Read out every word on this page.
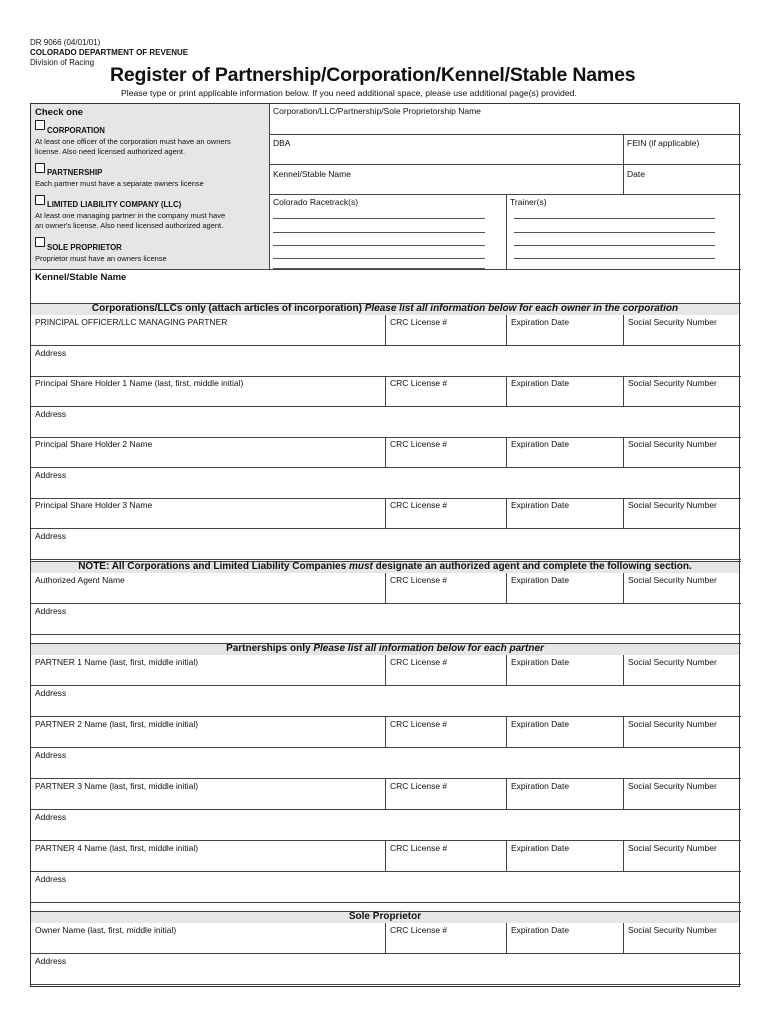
DR 9066 (04/01/01)
COLORADO DEPARTMENT OF REVENUE
Division of Racing
Register of Partnership/Corporation/Kennel/Stable Names
Please type or print applicable information below. If you need additional space, please use additional page(s) provided.
Check one
CORPORATION
At least one officer of the corporation must have an owners
license. Also need licensed authorized agent.
PARTNERSHIP
Each partner must have a separate owners license
LIMITED LIABILITY COMPANY (LLC)
At least one managing partner in the company must have
an owner's license. Also need licensed authorized agent.
SOLE PROPRIETOR
Proprietor must have an owners license
Corporation/LLC/Partnership/Sole Proprietorship Name
DBA	FEIN (if applicable)
Kennel/Stable Name	Date
Colorado Racetrack(s)	Trainer(s)
Kennel/Stable Name
Corporations/LLCs only (attach articles of incorporation) Please list all information below for each owner in the corporation
NOTE: All Corporations and Limited Liability Companies must designate an authorized agent and complete the following section.
Partnerships only Please list all information below for each partner
Sole Proprietor
PRINCIPAL OFFICER/LLC MANAGING PARTNER	CRC License #	Expiration Date	Social Security Number
Address
Principal Share Holder 1 Name (last, first, middle initial)	CRC License #	Expiration Date	Social Security Number
Address
Principal Share Holder 2 Name	CRC License #	Expiration Date	Social Security Number
Address
Principal Share Holder 3 Name	CRC License #	Expiration Date	Social Security Number
Address
Authorized Agent Name	CRC License #	Expiration Date	Social Security Number
Address
PARTNER 1 Name (last, first, middle initial)	CRC License #	Expiration Date	Social Security Number
Address
PARTNER 2 Name (last, first, middle initial)	CRC License #	Expiration Date	Social Security Number
Address
PARTNER 3 Name (last, first, middle initial)	CRC License #	Expiration Date	Social Security Number
Address
PARTNER 4 Name (last, first, middle initial)	CRC License #	Expiration Date	Social Security Number
Address
Owner Name (last, first, middle initial)	CRC License #	Expiration Date	Social Security Number
Address
